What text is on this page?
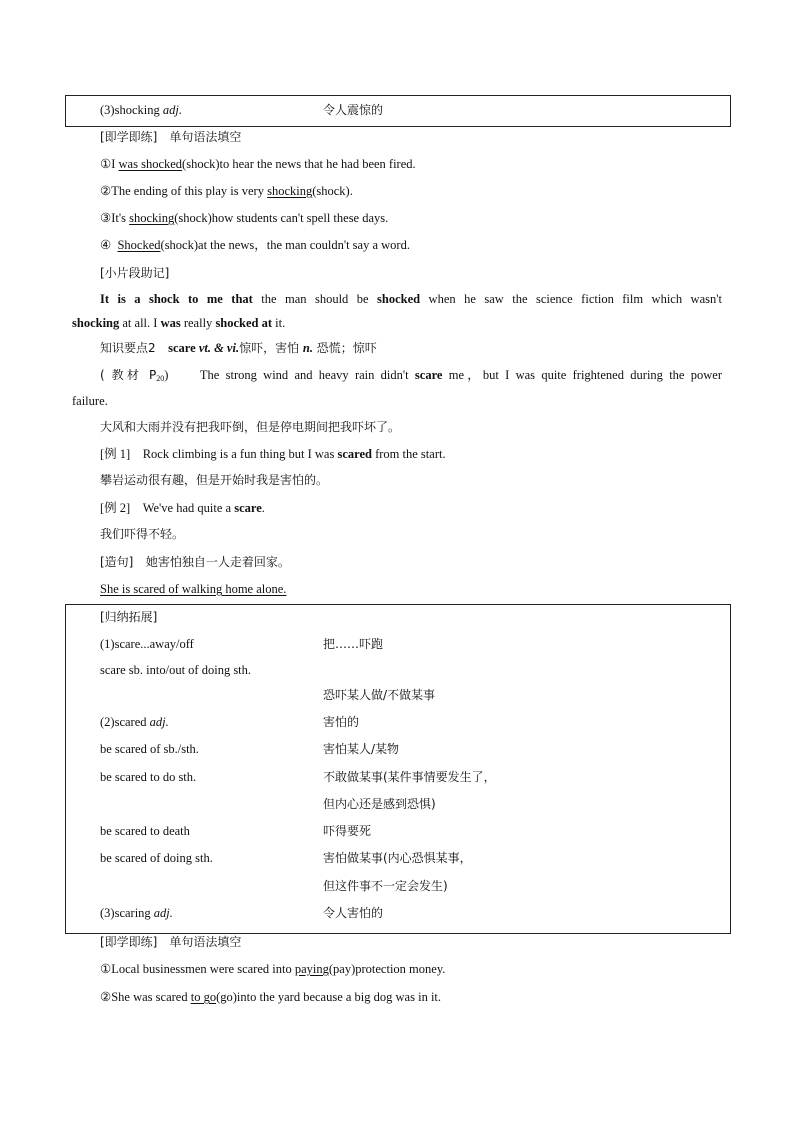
(3)shocking adj.	令人震惊的
[即学即练]　单句语法填空
①I was shocked(shock)to hear the news that he had been fired.
②The ending of this play is very shocking(shock).
③It's shocking(shock)how students can't spell these days.
④ Shocked(shock)at the news，the man couldn't say a word.
[小片段助记]
It is a shock to me that the man should be shocked when he saw the science fiction film which wasn't
shocking at all. I was really shocked at it.
知识要点2 scare vt. & vi.惊吓，害怕 n. 恐慌；惊吓
( 教材 $P_{20}$)	The strong wind and heavy rain didn't scare me，but I was quite frightened during the power
failure.
大风和大雨并没有把我吓倒，但是停电期间把我吓坏了。
[例 1] Rock climbing is a fun thing but I was scared from the start.
攀岩运动很有趣，但是开始时我是害怕的。
[例 2] We've had quite a scare.
我们吓得不轻。
[造句] 她害怕独自一人走着回家。
She is scared of walking home alone.
[归纳拓展]
(1)scare...away/off	把……吓跑
scare sb. into/out of doing sth.
恐吓某人做/不做某事
(2)scared adj.	害怕的
be scared of sb./sth.	害怕某人/某物
be scared to do sth.	不敢做某事(某件事情要发生了，
但内心还是感到恐惧)
be scared to death	吓得要死
be scared of doing sth.	害怕做某事(内心恐惧某事，
但这件事不一定会发生)
(3)scaring adj.	令人害怕的
[即学即练]　单句语法填空
①Local businessmen were scared into paying(pay)protection money.
②She was scared to go(go)into the yard because a big dog was in it.
